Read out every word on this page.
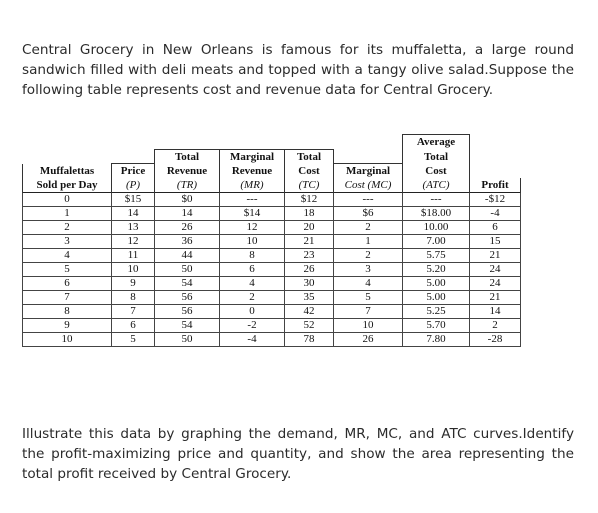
Central Grocery in New Orleans is famous for its muffaletta, a large round sandwich filled with deli meats and topped with a tangy olive salad.Suppose the following table represents cost and revenue data for Central Grocery.

						Average	
		Total	Marginal	Total		Total	
Muffalettas	Price	Revenue	Revenue	Cost	Marginal	Cost	
Sold per Day	(P)	(TR)	(MR)	(TC)	Cost (MC)	(ATC)	Profit
0	$15	$0	---	$12	---	---	-$12
1	14	14	$14	18	$6	$18.00	-4
2	13	26	12	20	2	10.00	6
3	12	36	10	21	1	7.00	15
4	11	44	8	23	2	5.75	21
5	10	50	6	26	3	5.20	24
6	9	54	4	30	4	5.00	24
7	8	56	2	35	5	5.00	21
8	7	56	0	42	7	5.25	14
9	6	54	-2	52	10	5.70	2
10	5	50	-4	78	26	7.80	-28

Illustrate this data by graphing the demand, MR, MC, and ATC curves.Identify the profit-maximizing price and quantity, and show the area representing the total profit received by Central Grocery.
